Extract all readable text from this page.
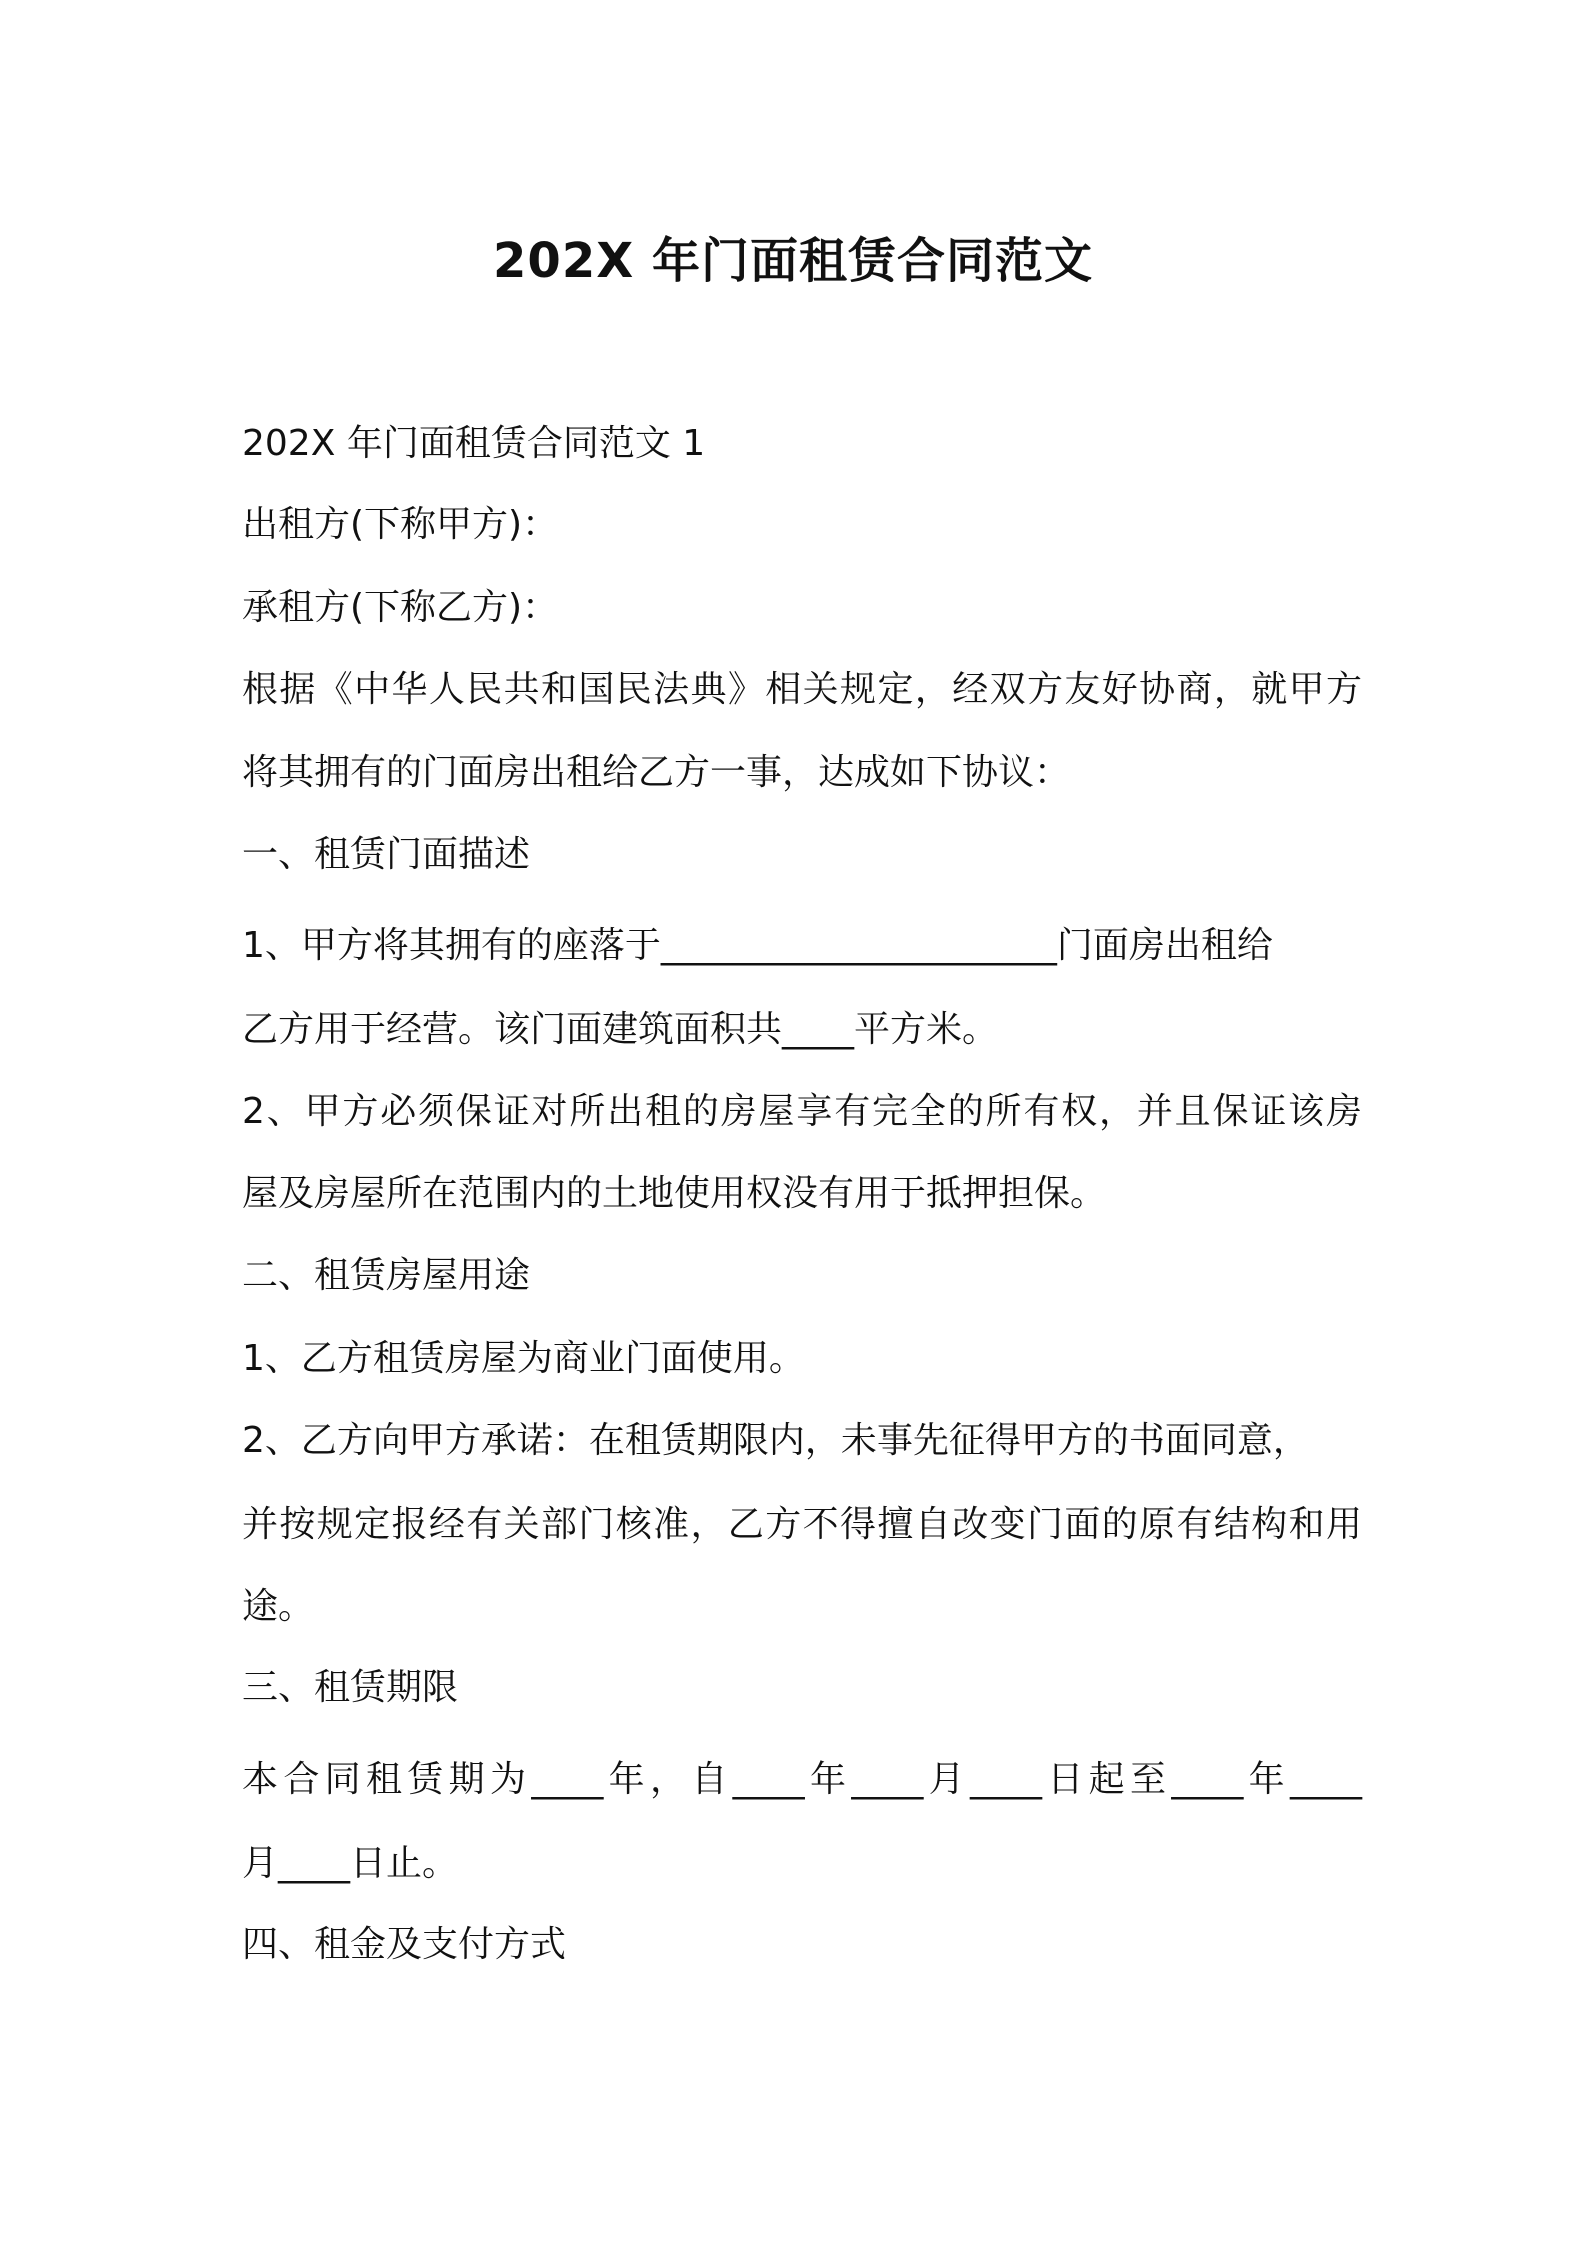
202X 年门面租赁合同范文

202X 年门面租赁合同范文 1

出租方(下称甲方)：

承租方(下称乙方)：

根据《中华人民共和国民法典》相关规定，经双方友好协商，就甲方

将其拥有的门面房出租给乙方一事，达成如下协议：

一、租赁门面描述

1、甲方将其拥有的座落于______________________门面房出租给

乙方用于经营。该门面建筑面积共____平方米。

2、甲方必须保证对所出租的房屋享有完全的所有权，并且保证该房

屋及房屋所在范围内的土地使用权没有用于抵押担保。

二、租赁房屋用途

1、乙方租赁房屋为商业门面使用。

2、乙方向甲方承诺：在租赁期限内，未事先征得甲方的书面同意，

并按规定报经有关部门核准，乙方不得擅自改变门面的原有结构和用

途。

三、租赁期限

本合同租赁期为____年，自____年____月____日起至____年____

月____日止。

四、租金及支付方式
